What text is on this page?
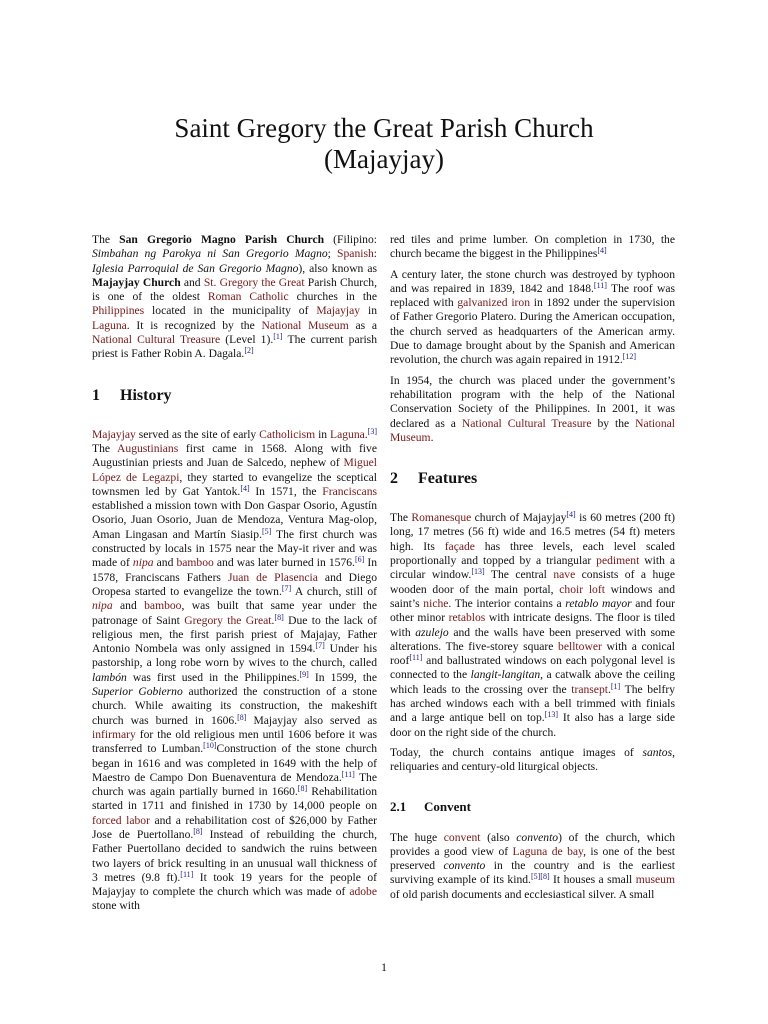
Saint Gregory the Great Parish Church
(Majayjay)

The San Gregorio Magno Parish Church (Filipino: Simbahan ng Parokya ni San Gregorio Magno; Spanish: Iglesia Parroquial de San Gregorio Magno), also known as Majayjay Church and St. Gregory the Great Parish Church, is one of the oldest Roman Catholic churches in the Philippines located in the municipality of Majayjay in Laguna. It is recognized by the National Museum as a National Cultural Treasure (Level 1).[1] The current parish priest is Father Robin A. Dagala.[2]

1 History

Majayjay served as the site of early Catholicism in Laguna.[3] The Augustinians first came in 1568. Along with five Augustinian priests and Juan de Salcedo, nephew of Miguel López de Legazpi, they started to evangelize the sceptical townsmen led by Gat Yantok.[4] In 1571, the Franciscans established a mission town with Don Gaspar Osorio, Agustín Osorio, Juan Osorio, Juan de Mendoza, Ventura Mag-olop, Aman Lingasan and Martín Siasip.[5] The first church was constructed by locals in 1575 near the May-it river and was made of nipa and bamboo and was later burned in 1576.[6] In 1578, Franciscans Fathers Juan de Plasencia and Diego Oropesa started to evangelize the town.[7] A church, still of nipa and bamboo, was built that same year under the patronage of Saint Gregory the Great.[8] Due to the lack of religious men, the first parish priest of Majajay, Father Antonio Nombela was only assigned in 1594.[7] Under his pastorship, a long robe worn by wives to the church, called lambón was first used in the Philippines.[9] In 1599, the Superior Gobierno authorized the construction of a stone church. While awaiting its construction, the makeshift church was burned in 1606.[8] Majayjay also served as infirmary for the old religious men until 1606 before it was transferred to Lumban.[10]Construction of the stone church began in 1616 and was completed in 1649 with the help of Maestro de Campo Don Buenaventura de Mendoza.[11] The church was again partially burned in 1660.[8] Rehabilitation started in 1711 and finished in 1730 by 14,000 people on forced labor and a rehabilitation cost of $26,000 by Father Jose de Puertollano.[8] Instead of rebuilding the church, Father Puertollano decided to sandwich the ruins between two layers of brick resulting in an unusual wall thickness of 3 metres (9.8 ft).[11] It took 19 years for the people of Majayjay to complete the church which was made of adobe stone with

red tiles and prime lumber. On completion in 1730, the church became the biggest in the Philippines[4]

A century later, the stone church was destroyed by typhoon and was repaired in 1839, 1842 and 1848.[11] The roof was replaced with galvanized iron in 1892 under the supervision of Father Gregorio Platero. During the American occupation, the church served as headquarters of the American army. Due to damage brought about by the Spanish and American revolution, the church was again repaired in 1912.[12]

In 1954, the church was placed under the government’s rehabilitation program with the help of the National Conservation Society of the Philippines. In 2001, it was declared as a National Cultural Treasure by the National Museum.

2 Features

The Romanesque church of Majayjay[4] is 60 metres (200 ft) long, 17 metres (56 ft) wide and 16.5 metres (54 ft) meters high. Its façade has three levels, each level scaled proportionally and topped by a triangular pediment with a circular window.[13] The central nave consists of a huge wooden door of the main portal, choir loft windows and saint’s niche. The interior contains a retablo mayor and four other minor retablos with intricate designs. The floor is tiled with azulejo and the walls have been preserved with some alterations. The five-storey square belltower with a conical roof[11] and ballustrated windows on each polygonal level is connected to the langit-langitan, a catwalk above the ceiling which leads to the crossing over the transept.[1] The belfry has arched windows each with a bell trimmed with finials and a large antique bell on top.[13] It also has a large side door on the right side of the church.

Today, the church contains antique images of santos, reliquaries and century-old liturgical objects.

2.1 Convent

The huge convent (also convento) of the church, which provides a good view of Laguna de bay, is one of the best preserved convento in the country and is the earliest surviving example of its kind.[5][8] It houses a small museum of old parish documents and ecclesiastical silver. A small

1
